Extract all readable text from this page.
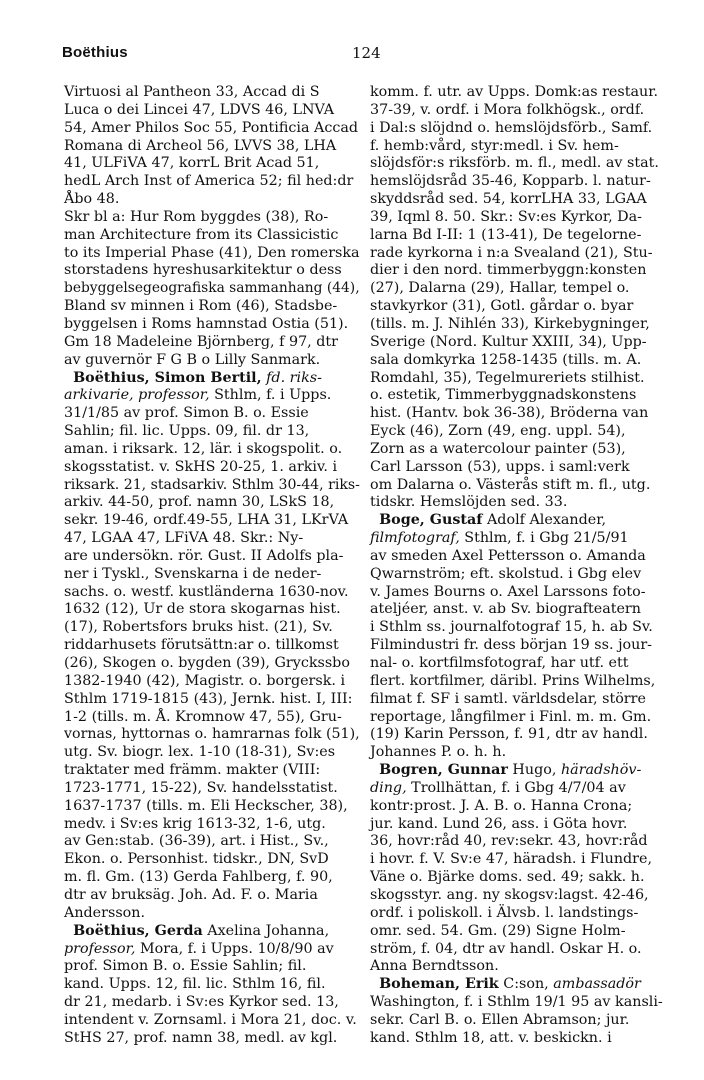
Boëthius	124
Virtuosi al Pantheon 33, Accad di S
Luca o dei Lincei 47, LDVS 46, LNVA
54, Amer Philos Soc 55, Pontificia Accad
Romana di Archeol 56, LVVS 38, LHA
41, ULFiVA 47, korrL Brit Acad 51,
hedL Arch Inst of America 52; fil hed:dr
Åbo 48.
Skr bl a: Hur Rom byggdes (38), Ro-
man Architecture from its Classicistic
to its Imperial Phase (41), Den romerska
storstadens hyreshusarkitektur o dess
bebyggelsegeografiska sammanhang (44),
Bland sv minnen i Rom (46), Stadsbe-
byggelsen i Roms hamnstad Ostia (51).
Gm 18 Madeleine Björnberg, f 97, dtr
av guvernör F G B o Lilly Sanmark.
Boëthius, Simon Bertil, fd. riks-
arkivarie, professor, Sthlm, f. i Upps.
31/1/85 av prof. Simon B. o. Essie
Sahlin; fil. lic. Upps. 09, fil. dr 13,
aman. i riksark. 12, lär. i skogspolit. o.
skogsstatist. v. SkHS 20-25, 1. arkiv. i
riksark. 21, stadsarkiv. Sthlm 30-44, riks-
arkiv. 44-50, prof. namn 30, LSkS 18,
sekr. 19-46, ordf.49-55, LHA 31, LKrVA
47, LGAA 47, LFiVA 48. Skr.: Ny-
are undersökn. rör. Gust. II Adolfs pla-
ner i Tyskl., Svenskarna i de neder-
sachs. o. westf. kustländerna 1630-nov.
1632 (12), Ur de stora skogarnas hist.
(17), Robertsfors bruks hist. (21), Sv.
riddarhusets förutsättn:ar o. tillkomst
(26), Skogen o. bygden (39), Gryckssbo
1382-1940 (42), Magistr. o. borgersk. i
Sthlm 1719-1815 (43), Jernk. hist. I, III:
1-2 (tills. m. Å. Kromnow 47, 55), Gru-
vornas, hyttornas o. hamrarnas folk (51),
utg. Sv. biogr. lex. 1-10 (18-31), Sv:es
traktater med främm. makter (VIII:
1723-1771, 15-22), Sv. handelsstatist.
1637-1737 (tills. m. Eli Heckscher, 38),
medv. i Sv:es krig 1613-32, 1-6, utg.
av Gen:stab. (36-39), art. i Hist., Sv.,
Ekon. o. Personhist. tidskr., DN, SvD
m. fl. Gm. (13) Gerda Fahlberg, f. 90,
dtr av bruksäg. Joh. Ad. F. o. Maria
Andersson.
Boëthius, Gerda Axelina Johanna,
professor, Mora, f. i Upps. 10/8/90 av
prof. Simon B. o. Essie Sahlin; fil.
kand. Upps. 12, fil. lic. Sthlm 16, fil.
dr 21, medarb. i Sv:es Kyrkor sed. 13,
intendent v. Zornsaml. i Mora 21, doc. v.
StHS 27, prof. namn 38, medl. av kgl.
komm. f. utr. av Upps. Domk:as restaur.
37-39, v. ordf. i Mora folkhögsk., ordf.
i Dal:s slöjdnd o. hemslöjdsförb., Samf.
f. hemb:vård, styr:medl. i Sv. hem-
slöjdsför:s riksförb. m. fl., medl. av stat.
hemslöjdsråd 35-46, Kopparb. l. natur-
skyddsråd sed. 54, korrLHA 33, LGAA
39, Iqml 8. 50. Skr.: Sv:es Kyrkor, Da-
larna Bd I-II: 1 (13-41), De tegelorne-
rade kyrkorna i n:a Svealand (21), Stu-
dier i den nord. timmerbyggn:konsten
(27), Dalarna (29), Hallar, tempel o.
stavkyrkor (31), Gotl. gårdar o. byar
(tills. m. J. Nihlén 33), Kirkebygninger,
Sverige (Nord. Kultur XXIII, 34), Upp-
sala domkyrka 1258-1435 (tills. m. A.
Romdahl, 35), Tegelmureriets stilhist.
o. estetik, Timmerbyggnadskonstens
hist. (Hantv. bok 36-38), Bröderna van
Eyck (46), Zorn (49, eng. uppl. 54),
Zorn as a watercolour painter (53),
Carl Larsson (53), upps. i saml:verk
om Dalarna o. Västerås stift m. fl., utg.
tidskr. Hemslöjden sed. 33.
Boge, Gustaf Adolf Alexander,
filmfotograf, Sthlm, f. i Gbg 21/5/91
av smeden Axel Pettersson o. Amanda
Qwarnström; eft. skolstud. i Gbg elev
v. James Bourns o. Axel Larssons foto-
ateljéer, anst. v. ab Sv. biografteatern
i Sthlm ss. journalfotograf 15, h. ab Sv.
Filmindustri fr. dess början 19 ss. jour-
nal- o. kortfilmsfotograf, har utf. ett
flert. kortfilmer, däribl. Prins Wilhelms,
filmat f. SF i samtl. världsdelar, större
reportage, långfilmer i Finl. m. m. Gm.
(19) Karin Persson, f. 91, dtr av handl.
Johannes P. o. h. h.
Bogren, Gunnar Hugo, häradshöv-
ding, Trollhättan, f. i Gbg 4/7/04 av
kontr:prost. J. A. B. o. Hanna Crona;
jur. kand. Lund 26, ass. i Göta hovr.
36, hovr:råd 40, rev:sekr. 43, hovr:råd
i hovr. f. V. Sv:e 47, häradsh. i Flundre,
Väne o. Bjärke doms. sed. 49; sakk. h.
skogsstyr. ang. ny skogsv:lagst. 42-46,
ordf. i poliskoll. i Älvsb. l. landstings-
omr. sed. 54. Gm. (29) Signe Holm-
ström, f. 04, dtr av handl. Oskar H. o.
Anna Berndtsson.
Boheman, Erik C:son, ambassadör
Washington, f. i Sthlm 19/1 95 av kansli-
sekr. Carl B. o. Ellen Abramson; jur.
kand. Sthlm 18, att. v. beskickn. i
